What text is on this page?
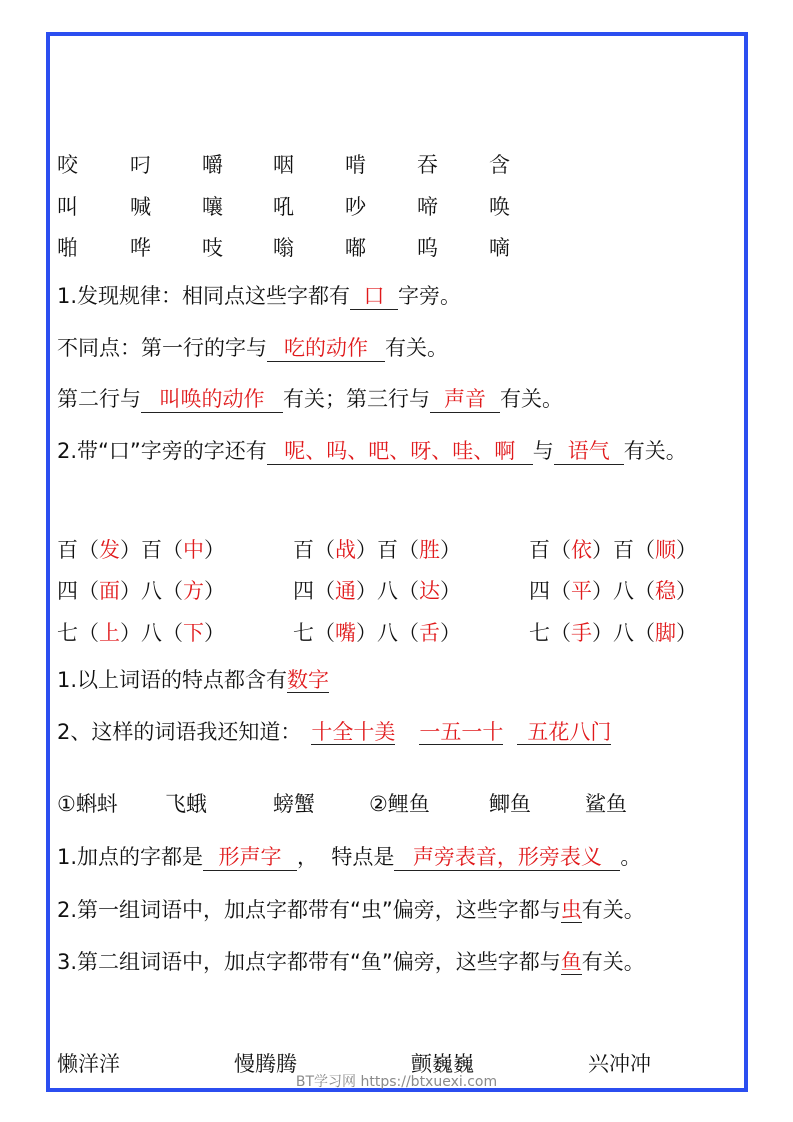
咬 叼 嚼 咽 啃 吞 含
叫 喊 嚷 吼 吵 啼 唤
啪 哗 吱 嗡 嘟 呜 嘀
1.发现规律：相同点这些字都有 口 字旁。
不同点：第一行的字与 吃的动作 有关。
第二行与 叫唤的动作 有关；第三行与 声音 有关。
2.带“口”字旁的字还有 呢、吗、吧、呀、哇、啊 与 语气 有关。
百（发）百（中）	百（战）百（胜）	百（依）百（顺）
四（面）八（方）	四（通）八（达）	四（平）八（稳）
七（上）八（下）	七（嘴）八（舌）	七（手）八（脚）
1.以上词语的特点都含有数字
2、这样的词语我还知道： 十全十美 一五一十 五花八门
①蝌蚪 飞蛾	螃蟹	②鲤鱼	鲫鱼	鲨鱼
1.加点的字都是 形声字 ，  特点是 声旁表音，形旁表义 。
2.第一组词语中，加点字都带有“虫”偏旁，这些字都与虫有关。
3.第二组词语中，加点字都带有“鱼”偏旁，这些字都与鱼有关。
懒洋洋	慢腾腾	颤巍巍	兴冲冲
BT学习网 https://btxuexi.com
